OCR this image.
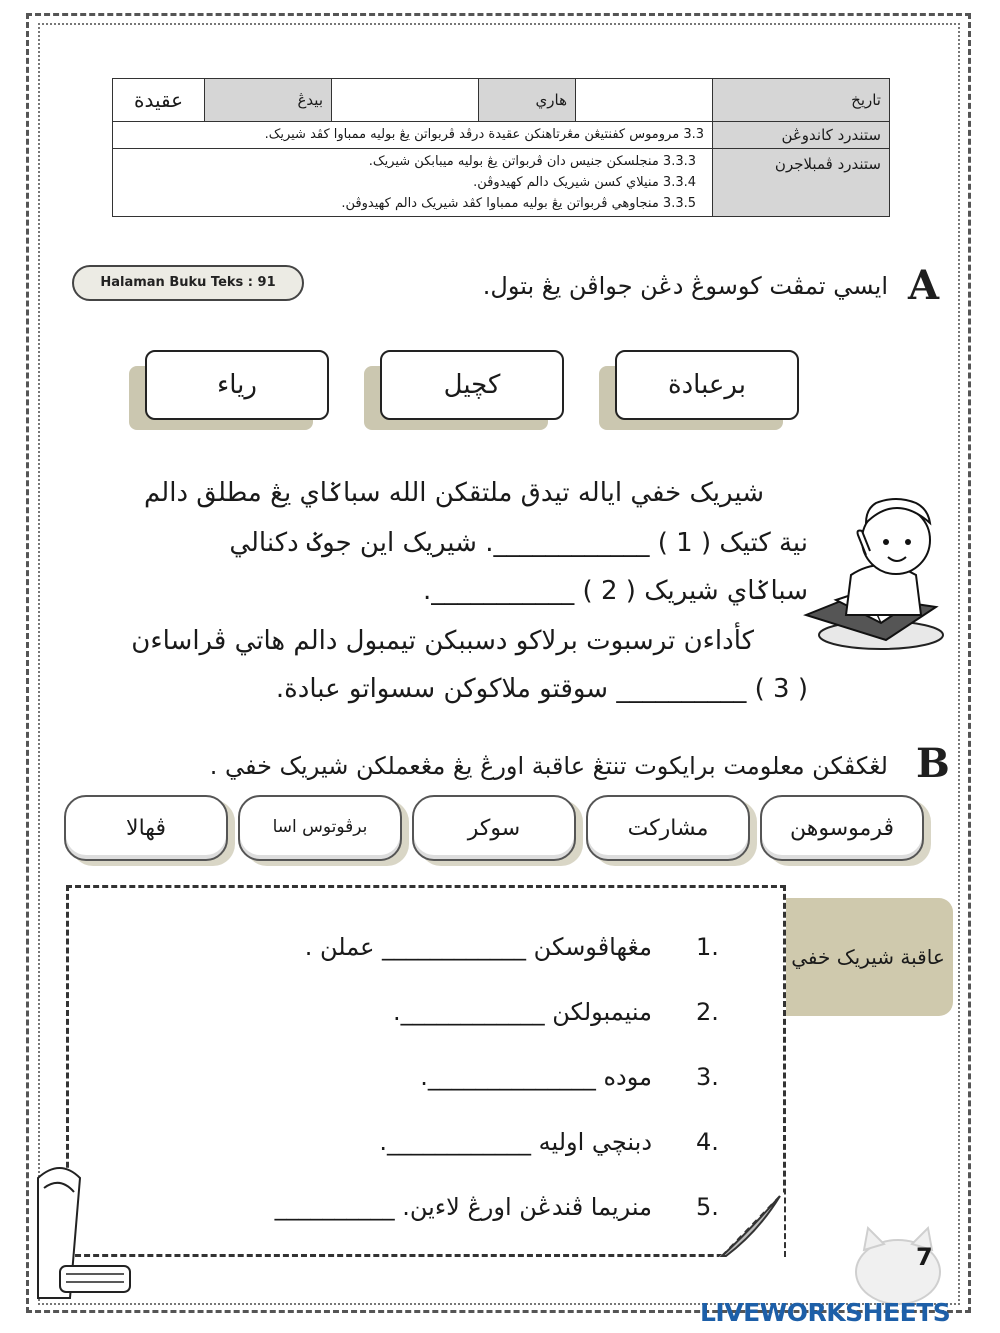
تاريخ		هاري		بيدڠ	عقيدة
ستندرد كاندوڠن	3.3 مروموس كفنتيڠن مڠرتاهنكن عقيدة درڤد ڤربواتن يڠ بوليه ممباوا كڤد شيريک.				
ستندرد ڤمبلاجرن	3.3.3 منجلسكن جنيس دان ڤربواتن يڠ بوليه ميبابكن شيريک.
3.3.4 منيلاي كسن شيريک دالم كهيدوڤن.
3.3.5 منجاوهي ڤربواتن يڠ بوليه ممباوا كڤد شيريک دالم كهيدوڤن.				
Halaman Buku Teks : 91	A
ايسي تمڤت كوسوڠ دڠن جواڤن يڠ بتول.
برعبادة
كچيل
ريا‍ء
شيريک خفي اياله تيدق ملتقكن الله سباݢاي يڠ مطلق دالم
نية كتيک ( 1 ) ____________. شيريک اين جوݢ دكنالي
سباݢاي شيريک ( 2 ) ___________.
كأدا‍ءن ترسبوت برلاكو دسببكن تيمبول دالم هاتي ڤراسا‍ءن
( 3 ) __________ سوقتو ملاكوكن سسواتو عبادة.
B
لڠكڤكن معلومت برايكوت تنتڠ عاقبة اورڠ يڠ مڠعملكن شيريک خفي .
ڤرموسوهن
مشاركت
سوكر
برڤوتوس اسا
ڤهالا
عاقبة شيريک خفي
1.
مڠهاڤوسكن ____________ عملن .
2.
منيمبولكن ____________.
3.
موده ______________.
4.
دبنچي اوليه ____________.
5.
منريما ڤندڠن اورڠ لا‍ءين. __________
7
LIVEWORKSHEETS
